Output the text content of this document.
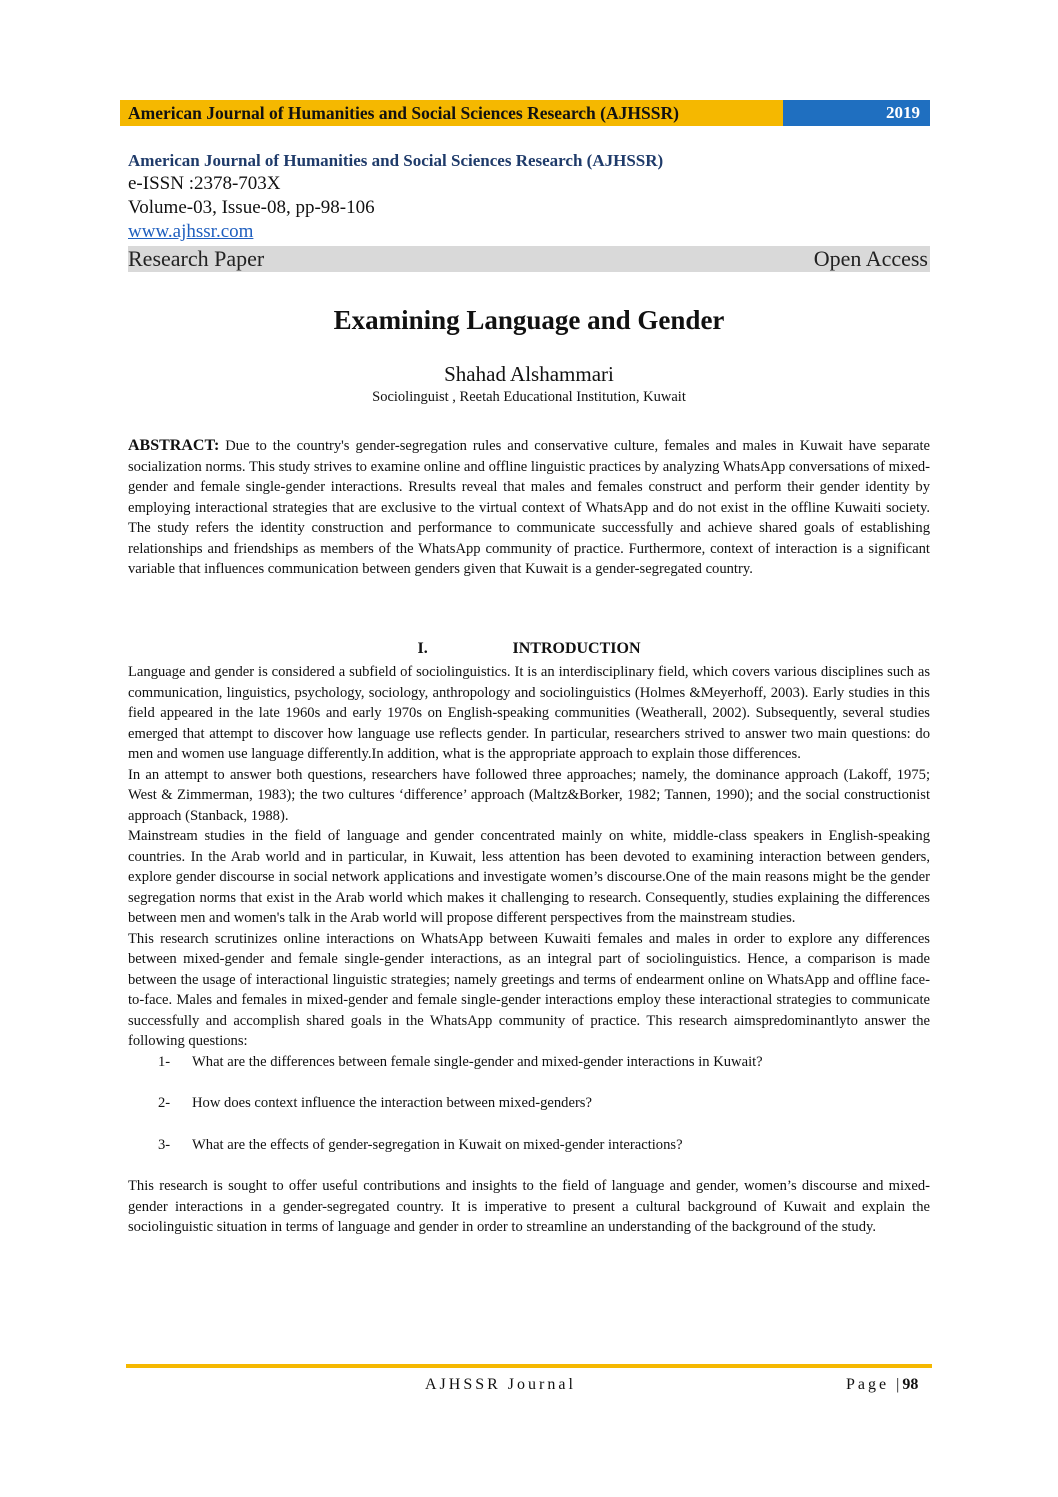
American Journal of Humanities and Social Sciences Research (AJHSSR)	2019
American Journal of Humanities and Social Sciences Research (AJHSSR)
e-ISSN :2378-703X
Volume-03, Issue-08, pp-98-106
www.ajhssr.com
Research Paper	Open Access
Examining Language and Gender
Shahad Alshammari
Sociolinguist , Reetah Educational Institution, Kuwait
ABSTRACT: Due to the country's gender-segregation rules and conservative culture, females and males in Kuwait have separate socialization norms. This study strives to examine online and offline linguistic practices by analyzing WhatsApp conversations of mixed-gender and female single-gender interactions. Rresults reveal that males and females construct and perform their gender identity by employing interactional strategies that are exclusive to the virtual context of WhatsApp and do not exist in the offline Kuwaiti society. The study refers the identity construction and performance to communicate successfully and achieve shared goals of establishing relationships and friendships as members of the WhatsApp community of practice. Furthermore, context of interaction is a significant variable that influences communication between genders given that Kuwait is a gender-segregated country.
I.	INTRODUCTION

Language and gender is considered a subfield of sociolinguistics. It is an interdisciplinary field, which covers various disciplines such as communication, linguistics, psychology, sociology, anthropology and sociolinguistics (Holmes &Meyerhoff, 2003). Early studies in this field appeared in the late 1960s and early 1970s on English-speaking communities (Weatherall, 2002). Subsequently, several studies emerged that attempt to discover how language use reflects gender. In particular, researchers strived to answer two main questions: do men and women use language differently.In addition, what is the appropriate approach to explain those differences.

In an attempt to answer both questions, researchers have followed three approaches; namely, the dominance approach (Lakoff, 1975; West & Zimmerman, 1983); the two cultures ‘difference’ approach (Maltz&Borker, 1982; Tannen, 1990); and the social constructionist approach (Stanback, 1988).

Mainstream studies in the field of language and gender concentrated mainly on white, middle-class speakers in English-speaking countries. In the Arab world and in particular, in Kuwait, less attention has been devoted to examining interaction between genders, explore gender discourse in social network applications and investigate women’s discourse.One of the main reasons might be the gender segregation norms that exist in the Arab world which makes it challenging to research. Consequently, studies explaining the differences between men and women's talk in the Arab world will propose different perspectives from the mainstream studies.

This research scrutinizes online interactions on WhatsApp between Kuwaiti females and males in order to explore any differences between mixed-gender and female single-gender interactions, as an integral part of sociolinguistics. Hence, a comparison is made between the usage of interactional linguistic strategies; namely greetings and terms of endearment online on WhatsApp and offline face-to-face. Males and females in mixed-gender and female single-gender interactions employ these interactional strategies to communicate successfully and accomplish shared goals in the WhatsApp community of practice. This research aimspredominantlyto answer the following questions:

1-	What are the differences between female single-gender and mixed-gender interactions in Kuwait?
2-	How does context influence the interaction between mixed-genders?
3-	What are the effects of gender-segregation in Kuwait on mixed-gender interactions?

This research is sought to offer useful contributions and insights to the field of language and gender, women’s discourse and mixed-gender interactions in a gender-segregated country. It is imperative to present a cultural background of Kuwait and explain the sociolinguistic situation in terms of language and gender in order to streamline an understanding of the background of the study.

AJHSSR Journal	Page |98
